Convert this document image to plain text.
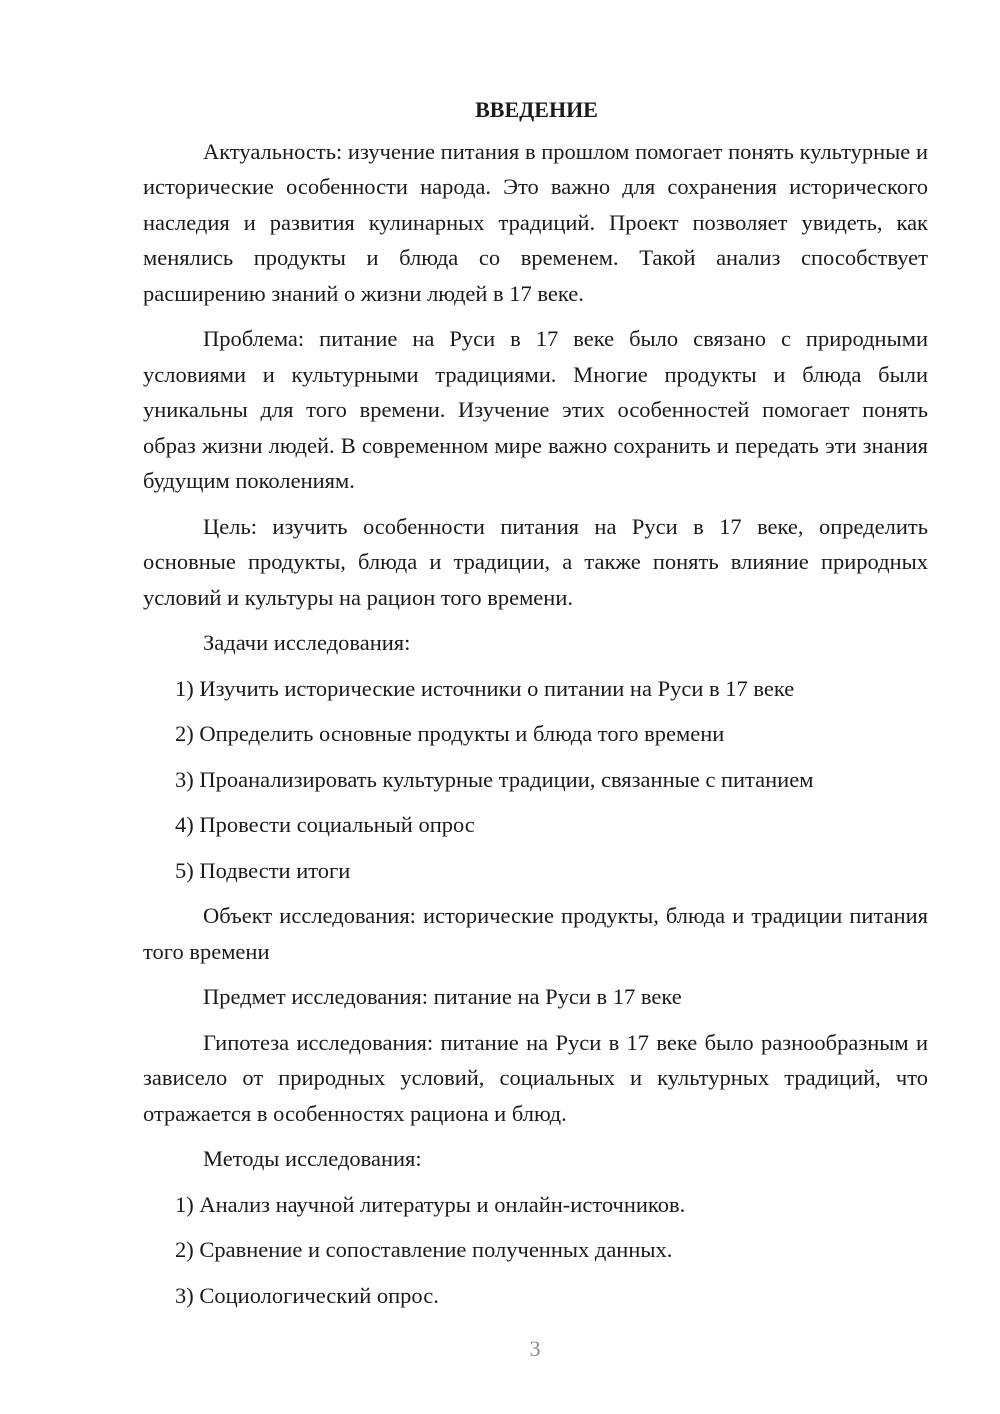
ВВЕДЕНИЕ

Актуальность: изучение питания в прошлом помогает понять культурные и исторические особенности народа. Это важно для сохранения исторического наследия и развития кулинарных традиций. Проект позволяет увидеть, как менялись продукты и блюда со временем. Такой анализ способствует расширению знаний о жизни людей в 17 веке.

Проблема: питание на Руси в 17 веке было связано с природными условиями и культурными традициями. Многие продукты и блюда были уникальны для того времени. Изучение этих особенностей помогает понять образ жизни людей. В современном мире важно сохранить и передать эти знания будущим поколениям.

Цель: изучить особенности питания на Руси в 17 веке, определить основные продукты, блюда и традиции, а также понять влияние природных условий и культуры на рацион того времени.

Задачи исследования:

1) Изучить исторические источники о питании на Руси в 17 веке
2) Определить основные продукты и блюда того времени
3) Проанализировать культурные традиции, связанные с питанием
4) Провести социальный опрос
5) Подвести итоги

Объект исследования: исторические продукты, блюда и традиции питания того времени

Предмет исследования: питание на Руси в 17 веке

Гипотеза исследования: питание на Руси в 17 веке было разнообразным и зависело от природных условий, социальных и культурных традиций, что отражается в особенностях рациона и блюд.

Методы исследования:

1) Анализ научной литературы и онлайн-источников.
2) Сравнение и сопоставление полученных данных.
3) Социологический опрос.
3
